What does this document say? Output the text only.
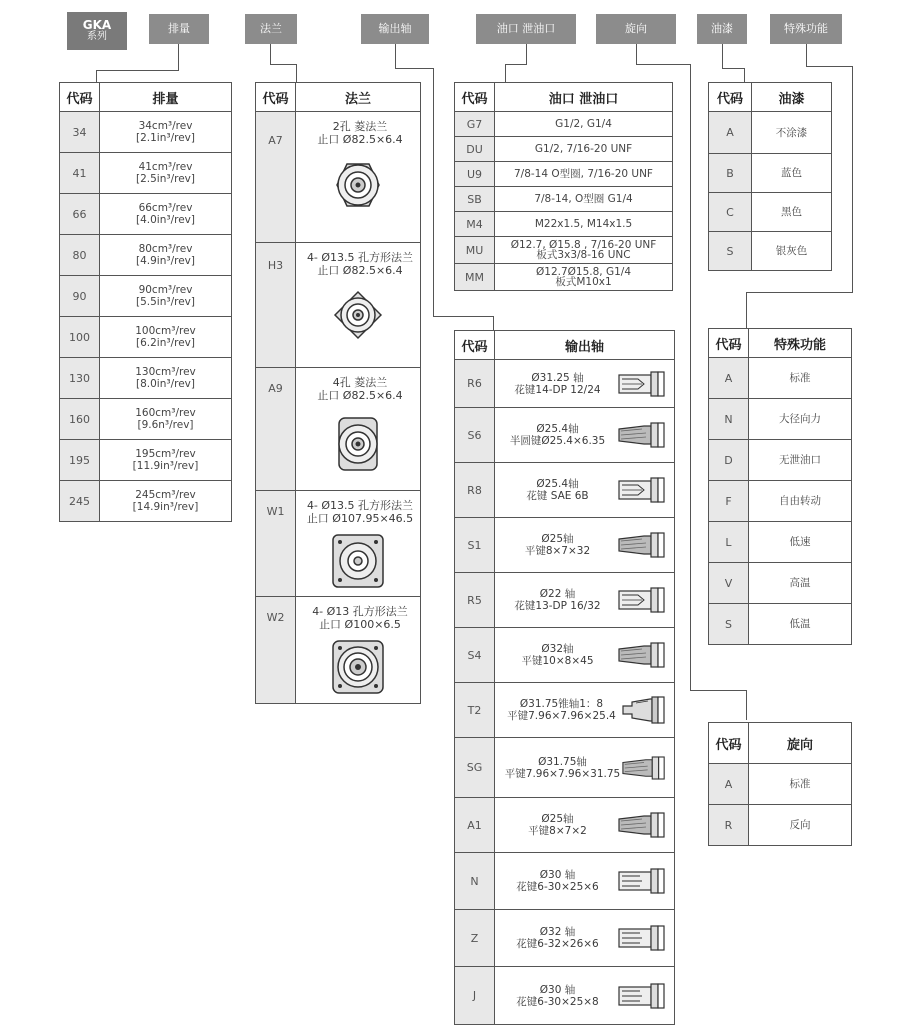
GKA
系列
排量	法兰	输出轴	油口 泄油口	旋向	油漆	特殊功能
代码	排量
34	34cm³/rev
[2.1in³/rev]

41	41cm³/rev
[2.5in³/rev]

66	66cm³/rev
[4.0in³/rev]

80	80cm³/rev
[4.9in³/rev]

90	90cm³/rev
[5.5in³/rev]

100	100cm³/rev
[6.2in³/rev]

130	130cm³/rev
[8.0in³/rev]

160	160cm³/rev
[9.6n³/rev]

195	195cm³/rev
[11.9in³/rev]

245	245cm³/rev
[14.9in³/rev]
代码	法兰
A7	2孔 菱法兰
止口 Ø82.5×6.4

H3	4- Ø13.5 孔方形法兰
止口 Ø82.5×6.4

A9	4孔 菱法兰
止口 Ø82.5×6.4

W1	4- Ø13.5 孔方形法兰
止口 Ø107.95×46.5

W2	4- Ø13 孔方形法兰
止口 Ø100×6.5
代码	油口 泄油口
G7	G1/2, G1/4

DU	G1/2, 7/16-20 UNF

U9	7/8-14 O型圈, 7/16-20 UNF

SB	7/8-14, O型圈 G1/4

M4	M22x1.5, M14x1.5

MU	Ø12.7, Ø15.8 , 7/16-20 UNF
板式3x3/8-16 UNC

MM	Ø12.7Ø15.8, G1/4
板式M10x1
代码	输出轴
R6	Ø31.25 轴
花键14-DP 12/24

S6	Ø25.4轴
半圆键Ø25.4×6.35

R8	Ø25.4轴
花键 SAE 6B

S1	Ø25轴
平键8×7×32

R5	Ø22 轴
花键13-DP 16/32

S4	Ø32轴
平键10×8×45

T2	Ø31.75锥轴1：8
平键7.96×7.96×25.4

SG	Ø31.75轴
平键7.96×7.96×31.75

A1	Ø25轴
平键8×7×2

N	Ø30 轴
花键6-30×25×6

Z	Ø32 轴
花键6-32×26×6

J	Ø30 轴
花键6-30×25×8
代码	油漆
A	不涂漆
B	蓝色
C	黑色
S	银灰色
代码	特殊功能
A	标准
N	大径向力
D	无泄油口
F	自由转动
L	低速
V	高温
S	低温
代码	旋向
A	标准
R	反向
